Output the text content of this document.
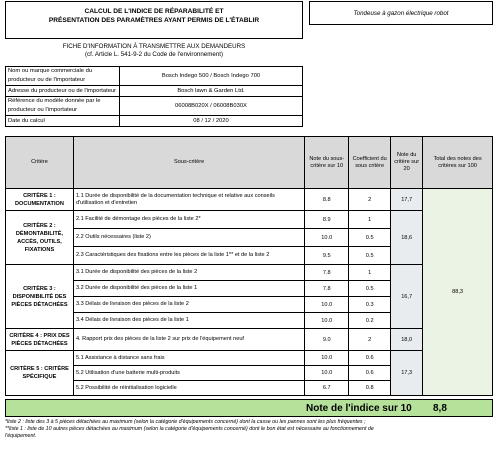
CALCUL DE L'INDICE DE RÉPARABILITÉ ET
PRÉSENTATION DES PARAMÈTRES AYANT PERMIS DE L'ÉTABLIR
Tondeuse à gazon électrique robot
FICHE D'INFORMATION À TRANSMETTRE AUX DEMANDEURS
(cf. Article L. 541-9-2 du Code de l'environnement)
Nom ou marque commerciale du producteur ou de l'importateur	Bosch Indego 500 / Bosch Indego 700
Adresse du producteur ou de l'importateur	Bosch lawn & Garden Ltd.
Référence du modèle donnée par le producteur ou l'importateur	06008B020X / 06008B030X
Date du calcul	08 / 12 / 2020
Critère	Sous-critère	Note du sous-critère sur 10	Coefficient du sous critère	Note du critère sur 20	Total des notes des critères sur 100
CRITÈRE 1 : DOCUMENTATION	1.1 Durée de disponibilité de la documentation technique et relative aux conseils d'utilisation et d'entretien	8.8	2	17,7	88,3
CRITÈRE 2 : DÉMONTABILITÉ, ACCÈS, OUTILS, FIXATIONS	2.1 Facilité de démontage des pièces de la liste 2*	8.9	1	18,6	
	2.2 Outils nécessaires (liste 2)	10.0	0.5		
	2.3 Caractéristiques des fixations entre les pièces de la liste 1** et de la liste 2	9.5	0.5		
CRITÈRE 3 : DISPONIBILITÉ DES PIÈCES DÉTACHÉES	3.1 Durée de disponibilité des pièces de la liste 2	7.8	1	16,7	
	3.2 Durée de disponibilité des pièces de la liste 1	7.8	0.5		
	3.3 Délais de livraison des pièces de la liste 2	10.0	0.3		
	3.4 Délais de livraison des pièces de la liste 1	10.0	0.2		
CRITÈRE 4 : PRIX DES PIÈCES DÉTACHÉES	4. Rapport prix des pièces de la liste 2 sur prix de l'équipement neuf	9.0	2	18,0	
CRITÈRE 5 : CRITÈRE SPÉCIFIQUE	5.1 Assistance à distance sans frais	10.0	0.6	17,3	
	5.2 Utilisation d'une batterie multi-produits	10.0	0.6		
	5.2 Possibilité de réinitialisation logicielle	6.7	0.8		
Note de l'indice sur 10 8,8
*liste 2 : liste des 3 à 5 pièces détachées au maximum (selon la catégorie d'équipements concerné) dont la casse ou les pannes sont les plus fréquentes ;
**liste 1 : liste de 10 autres pièces détachées au maximum (selon la catégorie d'équipements concerné) dont le bon état est nécessaire au fonctionnement de
l'équipement.
